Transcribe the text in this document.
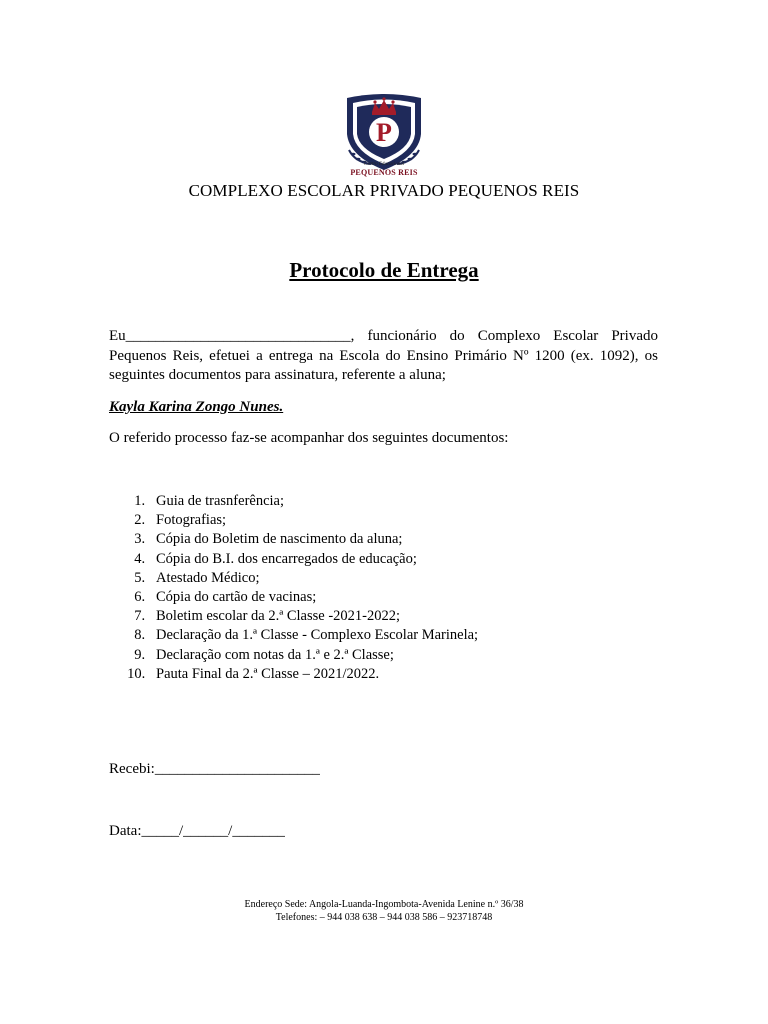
P
Centro Educacional
PEQUENOS REIS
COMPLEXO ESCOLAR PRIVADO PEQUENOS REIS
Protocolo de Entrega
Eu______________________________, funcionário do Complexo Escolar Privado Pequenos Reis, efetuei a entrega na Escola do Ensino Primário Nº 1200 (ex. 1092), os seguintes documentos para assinatura, referente a aluna;
Kayla Karina Zongo Nunes.
O referido processo faz-se acompanhar dos seguintes documentos:
1. Guia de trasnferência;
2. Fotografias;
3. Cópia do Boletim de nascimento da aluna;
4. Cópia do B.I. dos encarregados de educação;
5. Atestado Médico;
6. Cópia do cartão de vacinas;
7. Boletim escolar da 2.ª Classe -2021-2022;
8. Declaração da 1.ª Classe - Complexo Escolar Marinela;
9. Declaração com notas da 1.ª e 2.ª Classe;
10. Pauta Final da 2.ª Classe – 2021/2022.
Recebi:______________________
Data:_____/______/_______
Endereço Sede: Angola-Luanda-Ingombota-Avenida Lenine n.º 36/38
Telefones: – 944 038 638 – 944 038 586 – 923718748
